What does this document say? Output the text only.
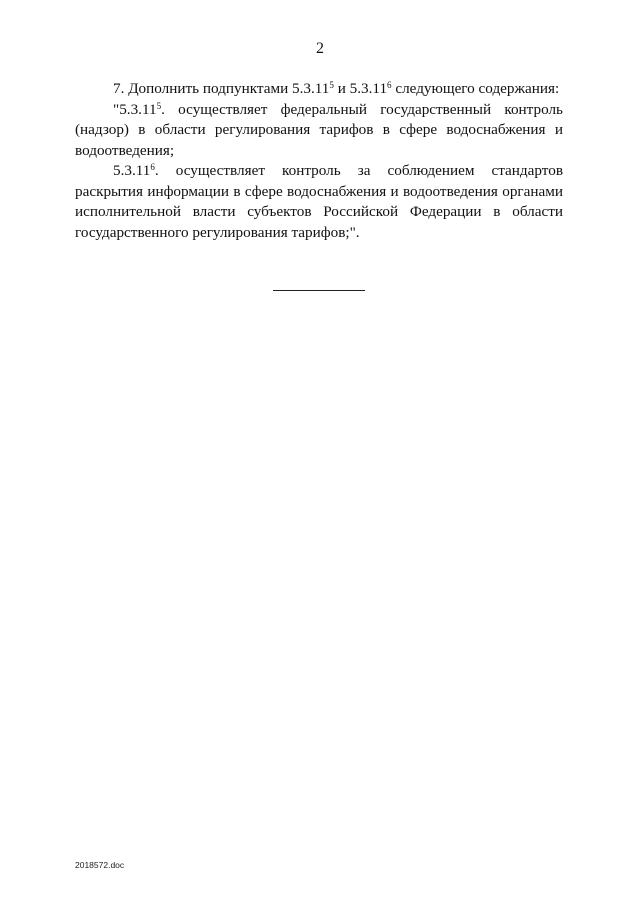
2

7. Дополнить подпунктами 5.3.11$^5$ и 5.3.11$^6$ следующего содержания:

"5.3.11$^5$. осуществляет федеральный государственный контроль (надзор) в области регулирования тарифов в сфере водоснабжения и водоотведения;

5.3.11$^6$. осуществляет контроль за соблюдением стандартов раскрытия информации в сфере водоснабжения и водоотведения органами исполнительной власти субъектов Российской Федерации в области государственного регулирования тарифов;".

2018572.doc
